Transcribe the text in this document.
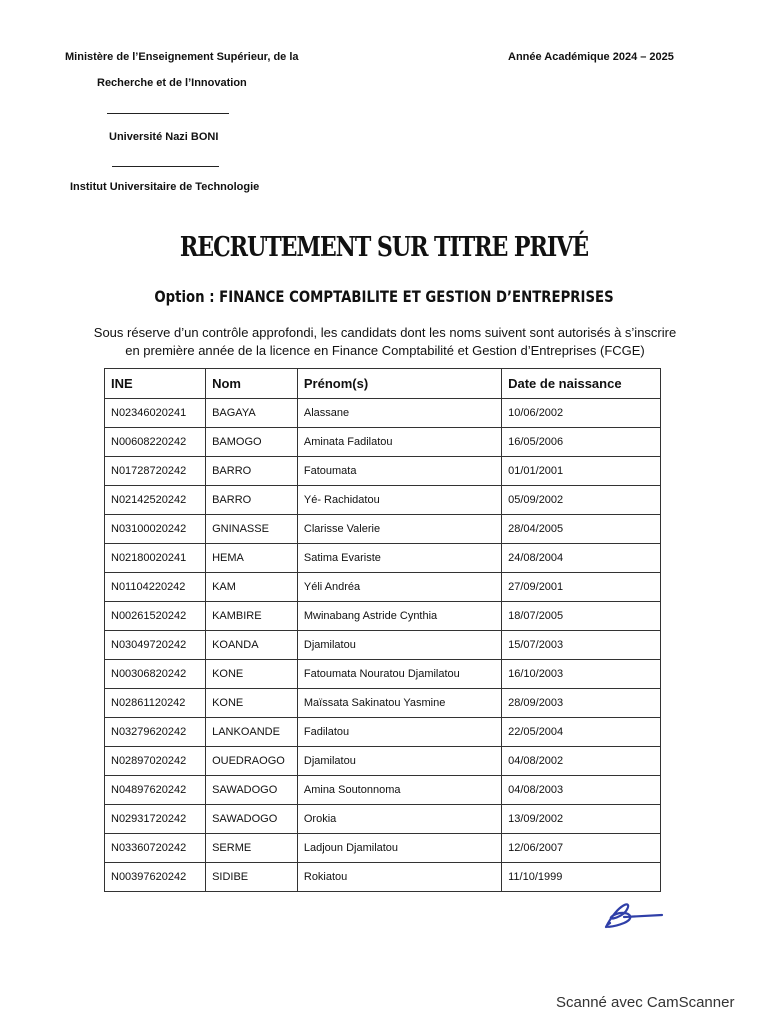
Ministère de l’Enseignement Supérieur, de la
Recherche et de l’Innovation
Université Nazi BONI
Institut Universitaire de Technologie
Année Académique 2024 – 2025
RECRUTEMENT SUR TITRE PRIVÉ
Option : FINANCE COMPTABILITE ET GESTION D’ENTREPRISES
Sous réserve d’un contrôle approfondi, les candidats dont les noms suivent sont autorisés à s’inscrire
en première année de la licence en Finance Comptabilité et Gestion d’Entreprises (FCGE)
INE	Nom	Prénom(s)	Date de naissance
N02346020241	BAGAYA	Alassane	10/06/2002
N00608220242	BAMOGO	Aminata Fadilatou	16/05/2006
N01728720242	BARRO	Fatoumata	01/01/2001
N02142520242	BARRO	Yé- Rachidatou	05/09/2002
N03100020242	GNINASSE	Clarisse Valerie	28/04/2005
N02180020241	HEMA	Satima Evariste	24/08/2004
N01104220242	KAM	Yéli Andréa	27/09/2001
N00261520242	KAMBIRE	Mwinabang Astride Cynthia	18/07/2005
N03049720242	KOANDA	Djamilatou	15/07/2003
N00306820242	KONE	Fatoumata Nouratou Djamilatou	16/10/2003
N02861120242	KONE	Maïssata Sakinatou Yasmine	28/09/2003
N03279620242	LANKOANDE	Fadilatou	22/05/2004
N02897020242	OUEDRAOGO	Djamilatou	04/08/2002
N04897620242	SAWADOGO	Amina Soutonnoma	04/08/2003
N02931720242	SAWADOGO	Orokia	13/09/2002
N03360720242	SERME	Ladjoun Djamilatou	12/06/2007
N00397620242	SIDIBE	Rokiatou	11/10/1999
Scanné avec CamScanner
